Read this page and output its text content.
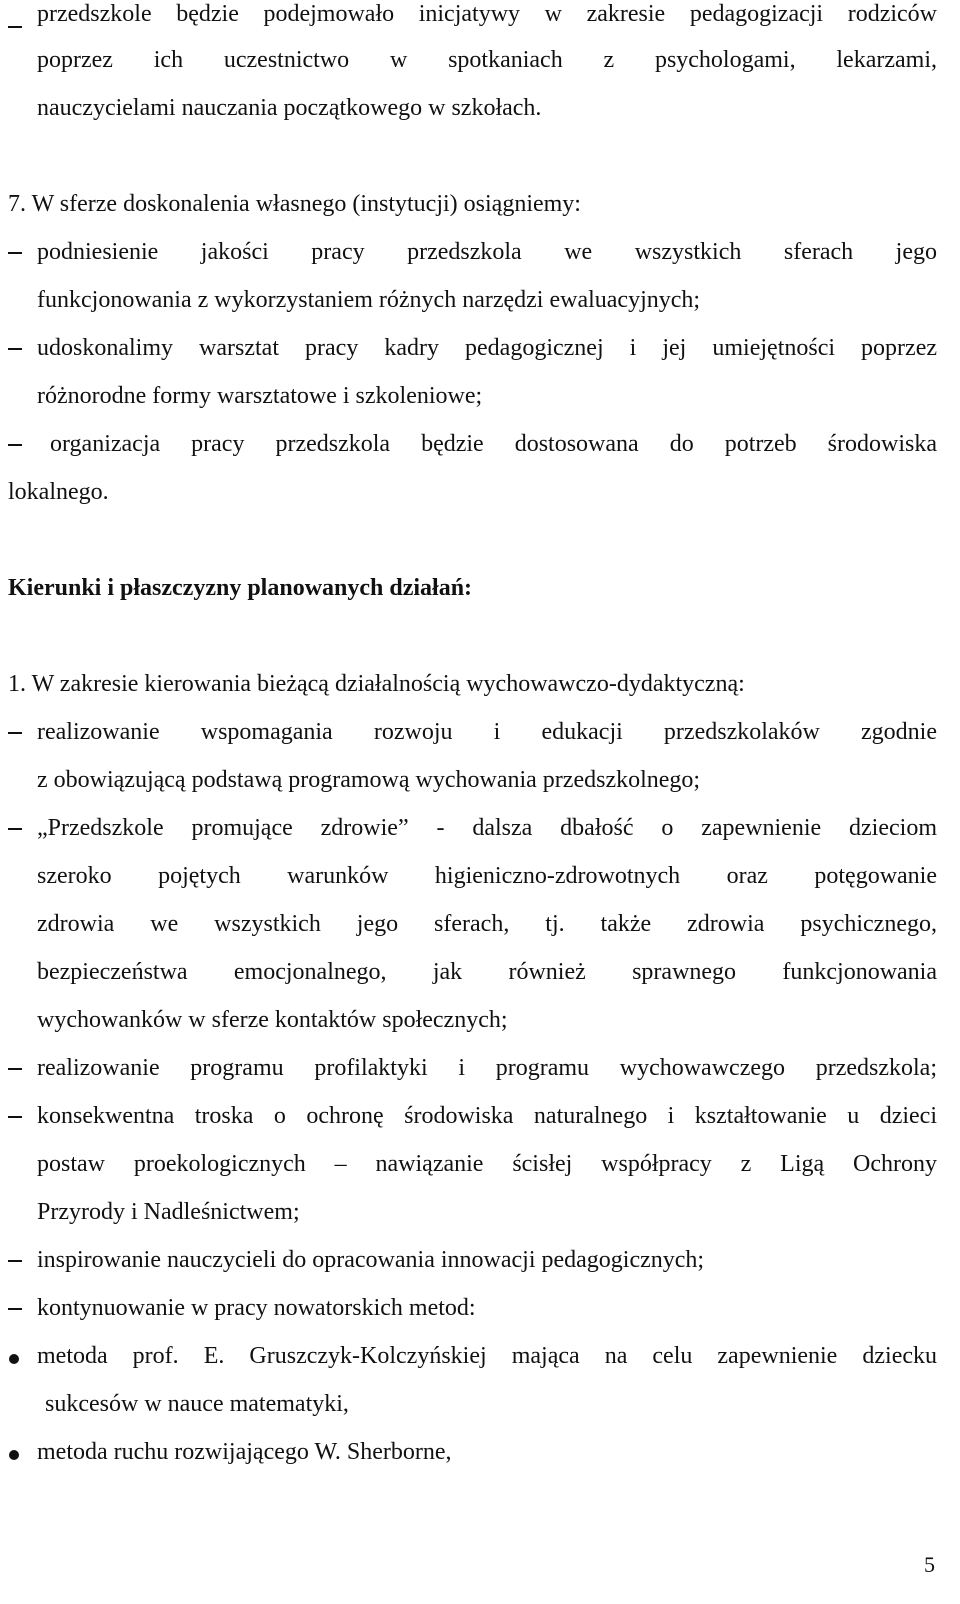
przedszkole będzie podejmowało inicjatywy w zakresie pedagogizacji rodziców
poprzez ich uczestnictwo w spotkaniach z psychologami, lekarzami,
nauczycielami nauczania początkowego w szkołach.
7. W sferze doskonalenia własnego (instytucji) osiągniemy:
podniesienie jakości pracy przedszkola we wszystkich sferach jego
funkcjonowania z wykorzystaniem różnych narzędzi ewaluacyjnych;
udoskonalimy warsztat pracy kadry pedagogicznej i jej umiejętności poprzez
różnorodne formy warsztatowe i szkoleniowe;
organizacja pracy przedszkola będzie dostosowana do potrzeb środowiska
lokalnego.
Kierunki i płaszczyzny planowanych działań:
1. W zakresie kierowania bieżącą działalnością wychowawczo-dydaktyczną:
realizowanie wspomagania rozwoju i edukacji przedszkolaków zgodnie
z obowiązującą podstawą programową wychowania przedszkolnego;
„Przedszkole promujące zdrowie” - dalsza dbałość o zapewnienie dzieciom
szeroko pojętych warunków higieniczno-zdrowotnych oraz potęgowanie
zdrowia we wszystkich jego sferach, tj. także zdrowia psychicznego,
bezpieczeństwa emocjonalnego, jak również sprawnego funkcjonowania
wychowanków w sferze kontaktów społecznych;
realizowanie programu profilaktyki i programu wychowawczego przedszkola;
konsekwentna troska o ochronę środowiska naturalnego i kształtowanie u dzieci
postaw proekologicznych – nawiązanie ścisłej współpracy z Ligą Ochrony
Przyrody i Nadleśnictwem;
inspirowanie nauczycieli do opracowania innowacji pedagogicznych;
kontynuowanie w pracy nowatorskich metod:
metoda prof. E. Gruszczyk-Kolczyńskiej mająca na celu zapewnienie dziecku
sukcesów w nauce matematyki,
metoda ruchu rozwijającego W. Sherborne,
5
